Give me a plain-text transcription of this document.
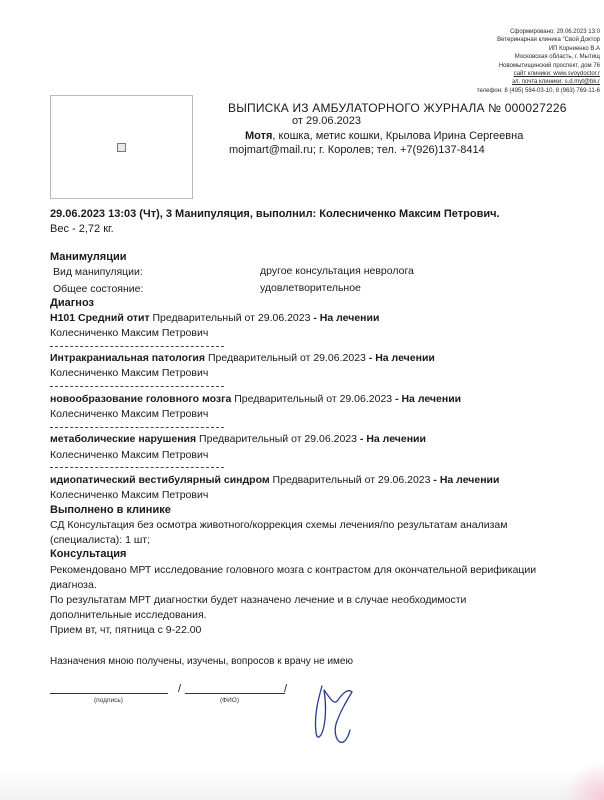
Сформировано: 29.06.2023 13:0
Ветеринарная клиника "Свой Доктор
ИП Корниенко В.А
Московская область, г. Мытищ
Новомытищинский проспект, дом 76
сайт клиники: www.svoydoctor.r
эл. почта клиники: s.d.myt@bk.r
телефон: 8 (495) 584-03-10, 8 (963) 769-11-6
ВЫПИСКА ИЗ АМБУЛАТОРНОГО ЖУРНАЛА № 000027226
от 29.06.2023
Мотя, кошка, метис кошки, Крылова Ирина Сергеевна
mojmart@mail.ru; г. Королев; тел. +7(926)137-8414
29.06.2023 13:03 (Чт), 3 Манипуляция, выполнил: Колесниченко Максим Петрович.
Вес - 2,72 кг.
Манимуляции
Вид манипуляции:	другое консультация невролога
Общее состояние:	удовлетворительное
Диагноз
H101 Средний отит Предварительный от 29.06.2023 - На лечении
Колесниченко Максим Петрович
Интракраниальная патология Предварительный от 29.06.2023 - На лечении
Колесниченко Максим Петрович
новообразование головного мозга Предварительный от 29.06.2023 - На лечении
Колесниченко Максим Петрович
метаболические нарушения Предварительный от 29.06.2023 - На лечении
Колесниченко Максим Петрович
идиопатический вестибулярный синдром Предварительный от 29.06.2023 - На лечении
Колесниченко Максим Петрович
Выполнено в клинике
СД Консультация без осмотра животного/коррекция схемы лечения/по результатам анализам
(специалиста): 1 шт;
Консультация
Рекомендовано МРТ исследование головного мозга с контрастом для окончательной верификации
диагноза.
По результатам МРТ диагностки будет назначено лечение и в случае необходимости
дополнительные исследования.
Прием вт, чт, пятница с 9-22.00
Назначения мною получены, изучены, вопросов к врачу не имею
/	/
(подпись)	(ФИО)
